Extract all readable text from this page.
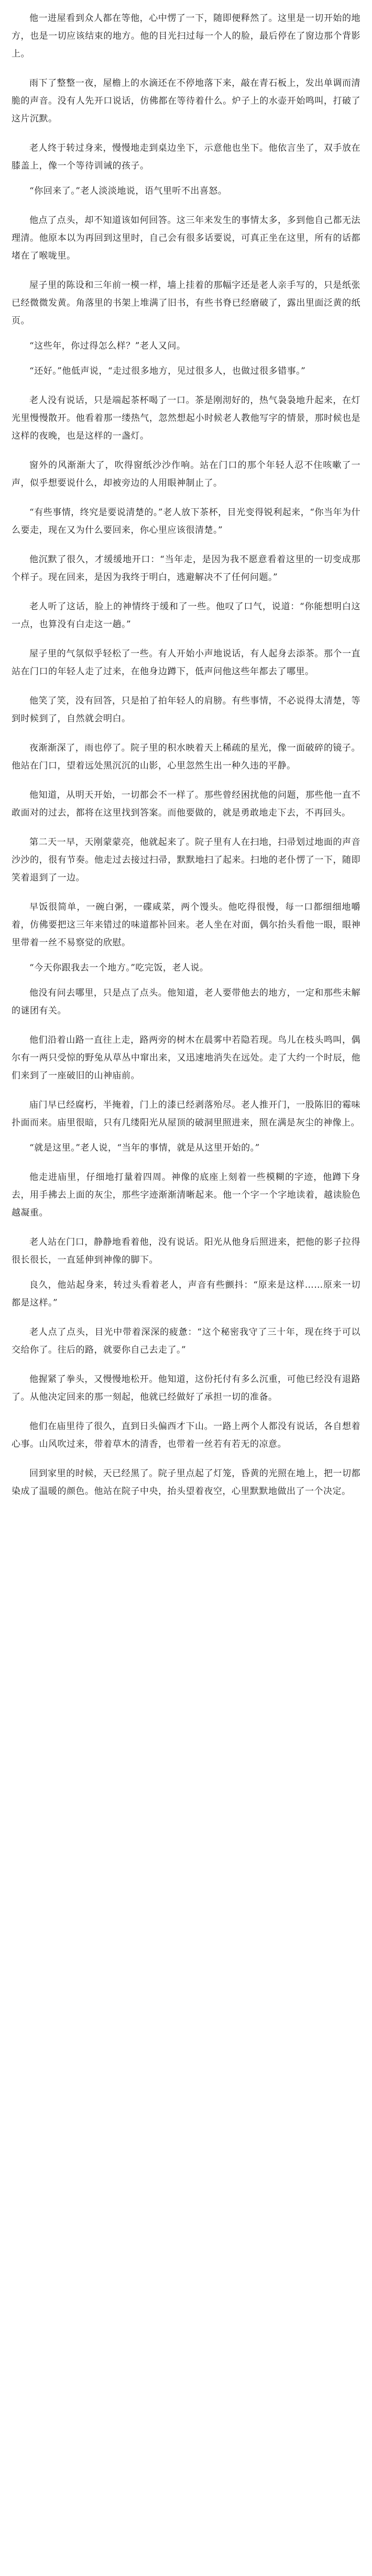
他一进屋看到众人都在等他，心中愣了一下，随即便释然了。这里是一切开始的地方，也是一切应该结束的地方。他的目光扫过每一个人的脸，最后停在了窗边那个背影上。

雨下了整整一夜，屋檐上的水滴还在不停地落下来，敲在青石板上，发出单调而清脆的声音。没有人先开口说话，仿佛都在等待着什么。炉子上的水壶开始鸣叫，打破了这片沉默。

老人终于转过身来，慢慢地走到桌边坐下，示意他也坐下。他依言坐了，双手放在膝盖上，像一个等待训诫的孩子。

“你回来了。”老人淡淡地说，语气里听不出喜怒。

他点了点头，却不知道该如何回答。这三年来发生的事情太多，多到他自己都无法理清。他原本以为再回到这里时，自己会有很多话要说，可真正坐在这里，所有的话都堵在了喉咙里。

屋子里的陈设和三年前一模一样，墙上挂着的那幅字还是老人亲手写的，只是纸张已经微微发黄。角落里的书架上堆满了旧书，有些书脊已经磨破了，露出里面泛黄的纸页。

“这些年，你过得怎么样？”老人又问。

“还好。”他低声说，“走过很多地方，见过很多人，也做过很多错事。”

老人没有说话，只是端起茶杯喝了一口。茶是刚沏好的，热气袅袅地升起来，在灯光里慢慢散开。他看着那一缕热气，忽然想起小时候老人教他写字的情景，那时候也是这样的夜晚，也是这样的一盏灯。

窗外的风渐渐大了，吹得窗纸沙沙作响。站在门口的那个年轻人忍不住咳嗽了一声，似乎想要说什么，却被旁边的人用眼神制止了。

“有些事情，终究是要说清楚的。”老人放下茶杯，目光变得锐利起来，“你当年为什么要走，现在又为什么要回来，你心里应该很清楚。”

他沉默了很久，才缓缓地开口：“当年走，是因为我不愿意看着这里的一切变成那个样子。现在回来，是因为我终于明白，逃避解决不了任何问题。”

老人听了这话，脸上的神情终于缓和了一些。他叹了口气，说道：“你能想明白这一点，也算没有白走这一趟。”

屋子里的气氛似乎轻松了一些。有人开始小声地说话，有人起身去添茶。那个一直站在门口的年轻人走了过来，在他身边蹲下，低声问他这些年都去了哪里。

他笑了笑，没有回答，只是拍了拍年轻人的肩膀。有些事情，不必说得太清楚，等到时候到了，自然就会明白。

夜渐渐深了，雨也停了。院子里的积水映着天上稀疏的星光，像一面破碎的镜子。他站在门口，望着远处黑沉沉的山影，心里忽然生出一种久违的平静。

他知道，从明天开始，一切都会不一样了。那些曾经困扰他的问题，那些他一直不敢面对的过去，都将在这里找到答案。而他要做的，就是勇敢地走下去，不再回头。

第二天一早，天刚蒙蒙亮，他就起来了。院子里有人在扫地，扫帚划过地面的声音沙沙的，很有节奏。他走过去接过扫帚，默默地扫了起来。扫地的老仆愣了一下，随即笑着退到了一边。

早饭很简单，一碗白粥，一碟咸菜，两个馒头。他吃得很慢，每一口都细细地嚼着，仿佛要把这三年来错过的味道都补回来。老人坐在对面，偶尔抬头看他一眼，眼神里带着一丝不易察觉的欣慰。

“今天你跟我去一个地方。”吃完饭，老人说。

他没有问去哪里，只是点了点头。他知道，老人要带他去的地方，一定和那些未解的谜团有关。

他们沿着山路一直往上走，路两旁的树木在晨雾中若隐若现。鸟儿在枝头鸣叫，偶尔有一两只受惊的野兔从草丛中窜出来，又迅速地消失在远处。走了大约一个时辰，他们来到了一座破旧的山神庙前。

庙门早已经腐朽，半掩着，门上的漆已经剥落殆尽。老人推开门，一股陈旧的霉味扑面而来。庙里很暗，只有几缕阳光从屋顶的破洞里照进来，照在满是灰尘的神像上。

“就是这里。”老人说，“当年的事情，就是从这里开始的。”

他走进庙里，仔细地打量着四周。神像的底座上刻着一些模糊的字迹，他蹲下身去，用手拂去上面的灰尘，那些字迹渐渐清晰起来。他一个字一个字地读着，越读脸色越凝重。

老人站在门口，静静地看着他，没有说话。阳光从他身后照进来，把他的影子拉得很长很长，一直延伸到神像的脚下。

良久，他站起身来，转过头看着老人，声音有些颤抖：“原来是这样……原来一切都是这样。”

老人点了点头，目光中带着深深的疲惫：“这个秘密我守了三十年，现在终于可以交给你了。往后的路，就要你自己去走了。”

他握紧了拳头，又慢慢地松开。他知道，这份托付有多么沉重，可他已经没有退路了。从他决定回来的那一刻起，他就已经做好了承担一切的准备。

他们在庙里待了很久，直到日头偏西才下山。一路上两个人都没有说话，各自想着心事。山风吹过来，带着草木的清香，也带着一丝若有若无的凉意。

回到家里的时候，天已经黑了。院子里点起了灯笼，昏黄的光照在地上，把一切都染成了温暖的颜色。他站在院子中央，抬头望着夜空，心里默默地做出了一个决定。
